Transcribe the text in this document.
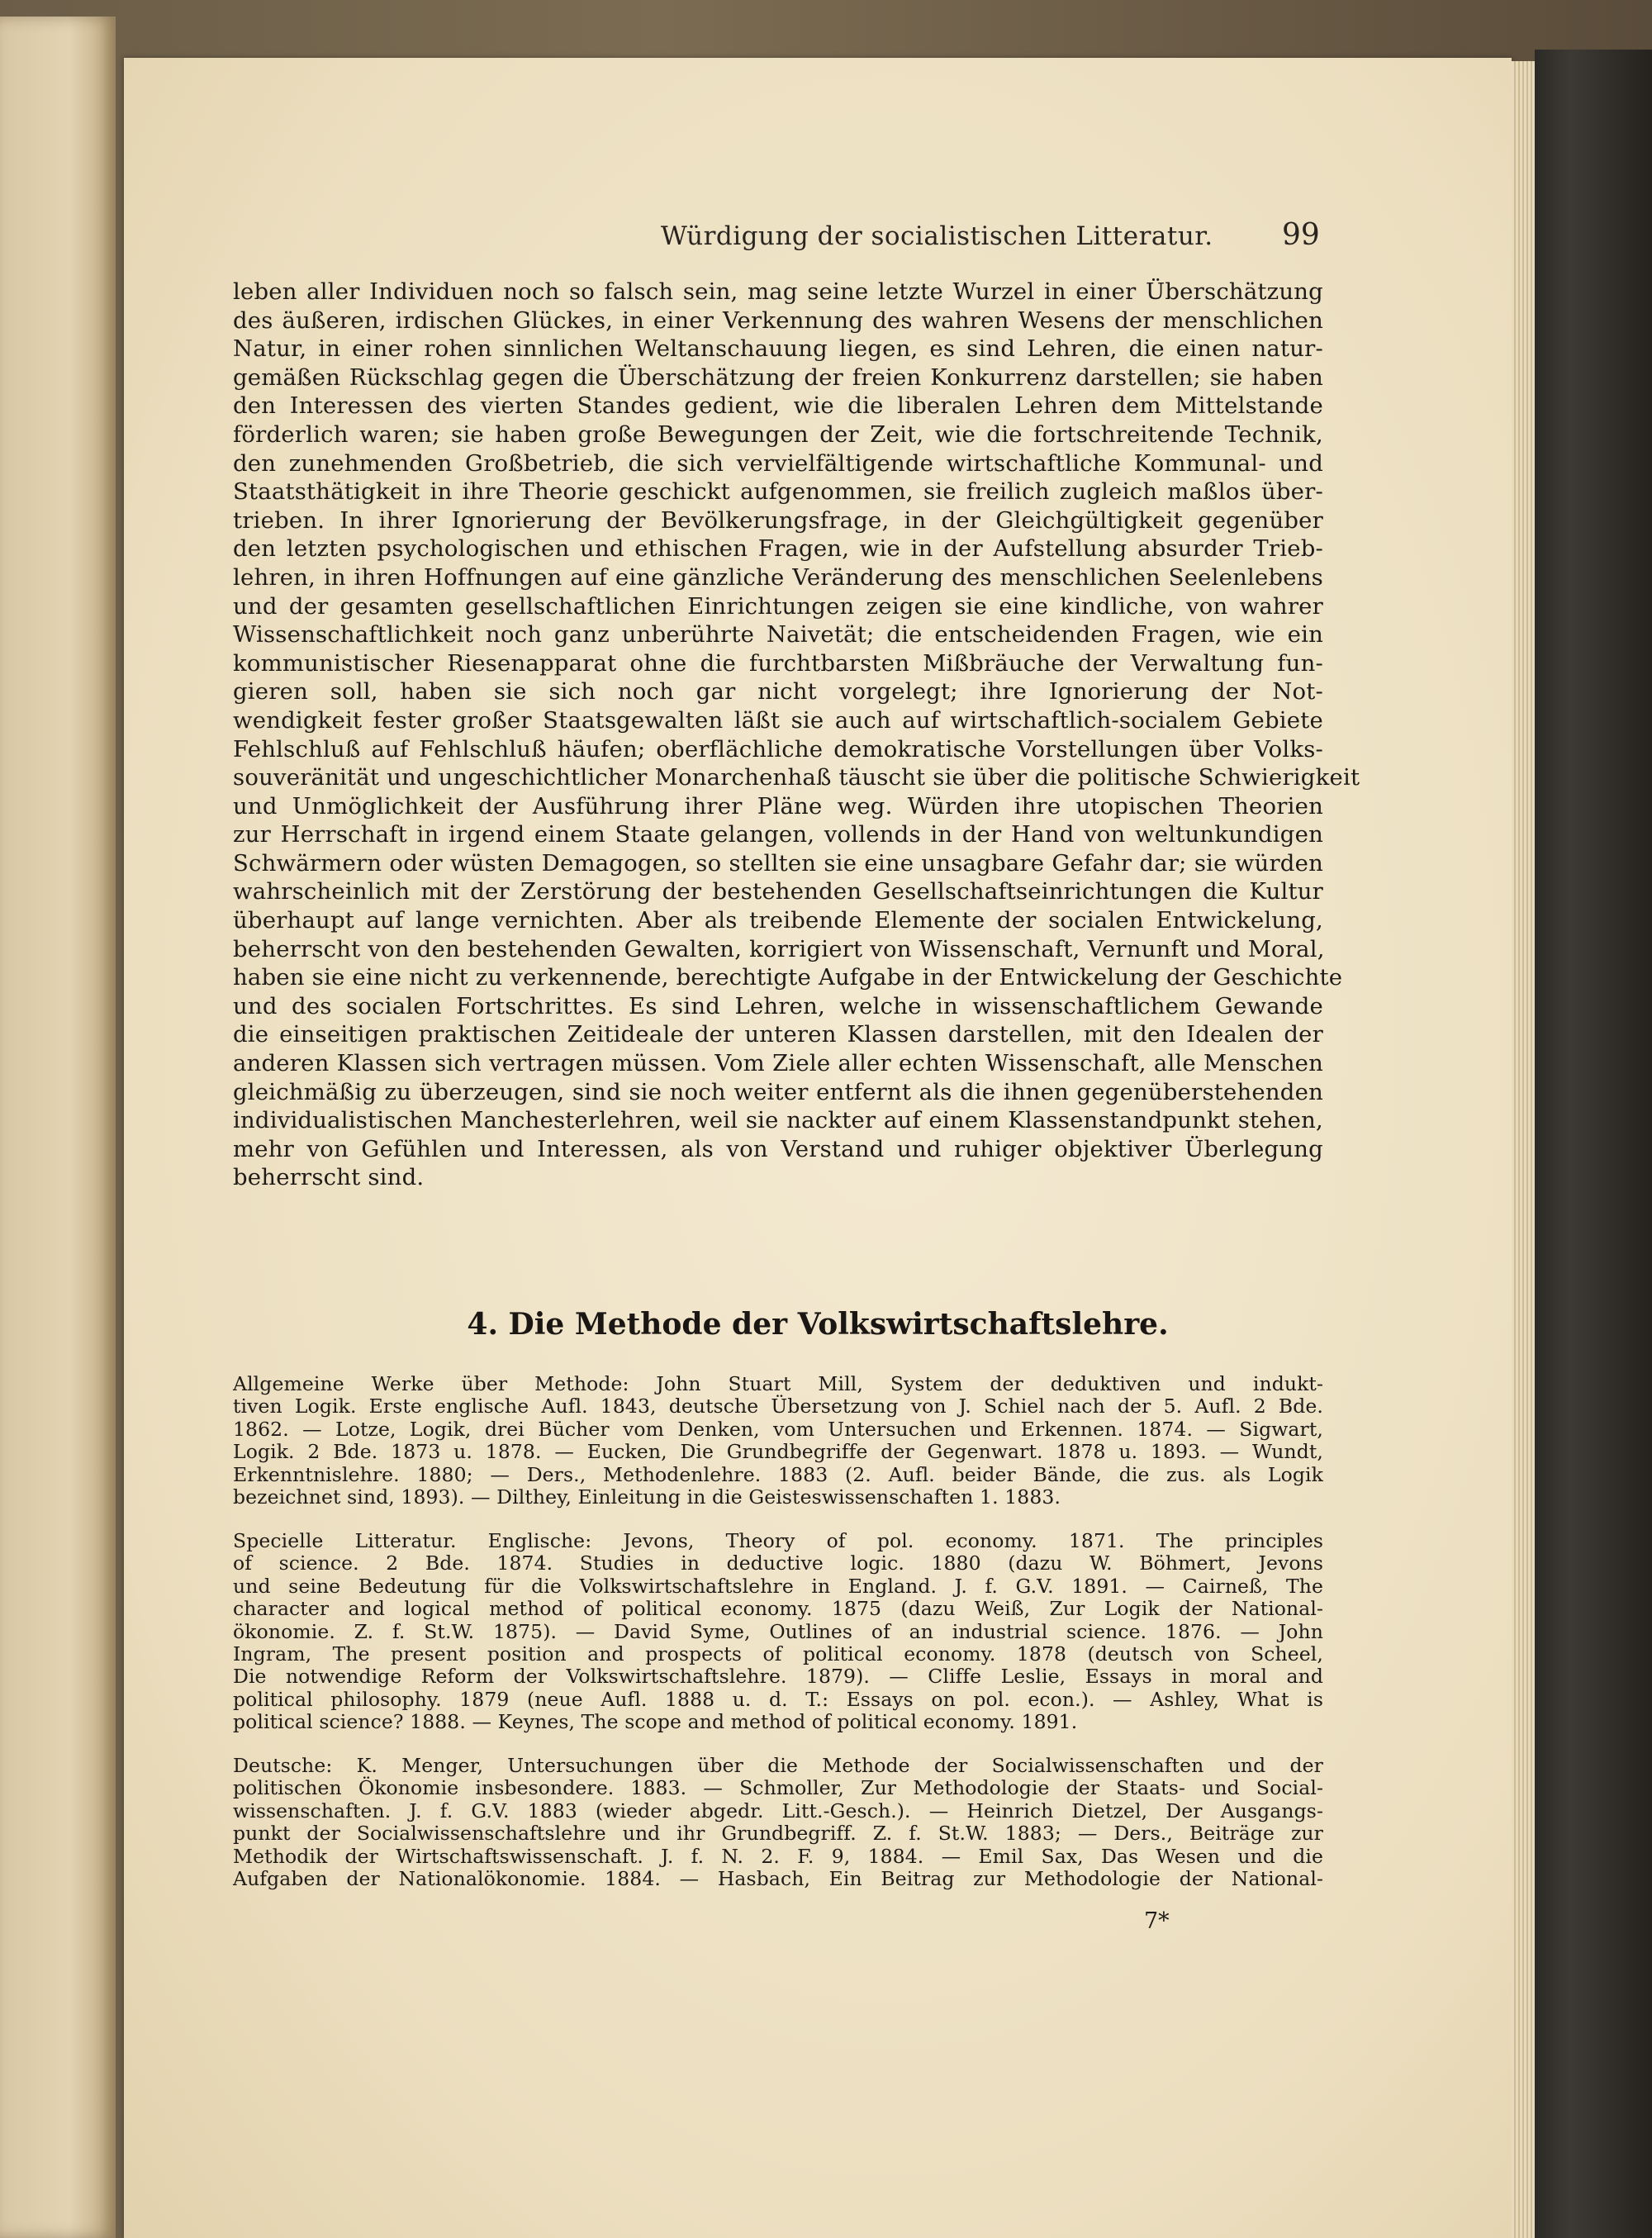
Würdigung der socialistischen Litteratur. 99
leben aller Individuen noch so falsch sein, mag seine letzte Wurzel in einer Überschätzung
des äußeren, irdischen Glückes, in einer Verkennung des wahren Wesens der menschlichen
Natur, in einer rohen sinnlichen Weltanschauung liegen, es sind Lehren, die einen natur-
gemäßen Rückschlag gegen die Überschätzung der freien Konkurrenz darstellen; sie haben
den Interessen des vierten Standes gedient, wie die liberalen Lehren dem Mittelstande
förderlich waren; sie haben große Bewegungen der Zeit, wie die fortschreitende Technik,
den zunehmenden Großbetrieb, die sich vervielfältigende wirtschaftliche Kommunal- und
Staatsthätigkeit in ihre Theorie geschickt aufgenommen, sie freilich zugleich maßlos über-
trieben. In ihrer Ignorierung der Bevölkerungsfrage, in der Gleichgültigkeit gegenüber
den letzten psychologischen und ethischen Fragen, wie in der Aufstellung absurder Trieb-
lehren, in ihren Hoffnungen auf eine gänzliche Veränderung des menschlichen Seelenlebens
und der gesamten gesellschaftlichen Einrichtungen zeigen sie eine kindliche, von wahrer
Wissenschaftlichkeit noch ganz unberührte Naivetät; die entscheidenden Fragen, wie ein
kommunistischer Riesenapparat ohne die furchtbarsten Mißbräuche der Verwaltung fun-
gieren soll, haben sie sich noch gar nicht vorgelegt; ihre Ignorierung der Not-
wendigkeit fester großer Staatsgewalten läßt sie auch auf wirtschaftlich-socialem Gebiete
Fehlschluß auf Fehlschluß häufen; oberflächliche demokratische Vorstellungen über Volks-
souveränität und ungeschichtlicher Monarchenhaß täuscht sie über die politische Schwierigkeit
und Unmöglichkeit der Ausführung ihrer Pläne weg. Würden ihre utopischen Theorien
zur Herrschaft in irgend einem Staate gelangen, vollends in der Hand von weltunkundigen
Schwärmern oder wüsten Demagogen, so stellten sie eine unsagbare Gefahr dar; sie würden
wahrscheinlich mit der Zerstörung der bestehenden Gesellschaftseinrichtungen die Kultur
überhaupt auf lange vernichten. Aber als treibende Elemente der socialen Entwickelung,
beherrscht von den bestehenden Gewalten, korrigiert von Wissenschaft, Vernunft und Moral,
haben sie eine nicht zu verkennende, berechtigte Aufgabe in der Entwickelung der Geschichte
und des socialen Fortschrittes. Es sind Lehren, welche in wissenschaftlichem Gewande
die einseitigen praktischen Zeitideale der unteren Klassen darstellen, mit den Idealen der
anderen Klassen sich vertragen müssen. Vom Ziele aller echten Wissenschaft, alle Menschen
gleichmäßig zu überzeugen, sind sie noch weiter entfernt als die ihnen gegenüberstehenden
individualistischen Manchesterlehren, weil sie nackter auf einem Klassenstandpunkt stehen,
mehr von Gefühlen und Interessen, als von Verstand und ruhiger objektiver Überlegung
beherrscht sind.
4. Die Methode der Volkswirtschaftslehre.
Allgemeine Werke über Methode: John Stuart Mill, System der deduktiven und indukt-
tiven Logik. Erste englische Aufl. 1843, deutsche Übersetzung von J. Schiel nach der 5. Aufl. 2 Bde.
1862. — Lotze, Logik, drei Bücher vom Denken, vom Untersuchen und Erkennen. 1874. — Sigwart,
Logik. 2 Bde. 1873 u. 1878. — Eucken, Die Grundbegriffe der Gegenwart. 1878 u. 1893. — Wundt,
Erkenntnislehre. 1880; — Ders., Methodenlehre. 1883 (2. Aufl. beider Bände, die zus. als Logik
bezeichnet sind, 1893). — Dilthey, Einleitung in die Geisteswissenschaften 1. 1883.
Specielle Litteratur. Englische: Jevons, Theory of pol. economy. 1871. The principles
of science. 2 Bde. 1874. Studies in deductive logic. 1880 (dazu W. Böhmert, Jevons
und seine Bedeutung für die Volkswirtschaftslehre in England. J. f. G.V. 1891. — Cairneß, The
character and logical method of political economy. 1875 (dazu Weiß, Zur Logik der National-
ökonomie. Z. f. St.W. 1875). — David Syme, Outlines of an industrial science. 1876. — John
Ingram, The present position and prospects of political economy. 1878 (deutsch von Scheel,
Die notwendige Reform der Volkswirtschaftslehre. 1879). — Cliffe Leslie, Essays in moral and
political philosophy. 1879 (neue Aufl. 1888 u. d. T.: Essays on pol. econ.). — Ashley, What is
political science? 1888. — Keynes, The scope and method of political economy. 1891.
Deutsche: K. Menger, Untersuchungen über die Methode der Socialwissenschaften und der
politischen Ökonomie insbesondere. 1883. — Schmoller, Zur Methodologie der Staats- und Social-
wissenschaften. J. f. G.V. 1883 (wieder abgedr. Litt.-Gesch.). — Heinrich Dietzel, Der Ausgangs-
punkt der Socialwissenschaftslehre und ihr Grundbegriff. Z. f. St.W. 1883; — Ders., Beiträge zur
Methodik der Wirtschaftswissenschaft. J. f. N. 2. F. 9, 1884. — Emil Sax, Das Wesen und die
Aufgaben der Nationalökonomie. 1884. — Hasbach, Ein Beitrag zur Methodologie der National-
7*
